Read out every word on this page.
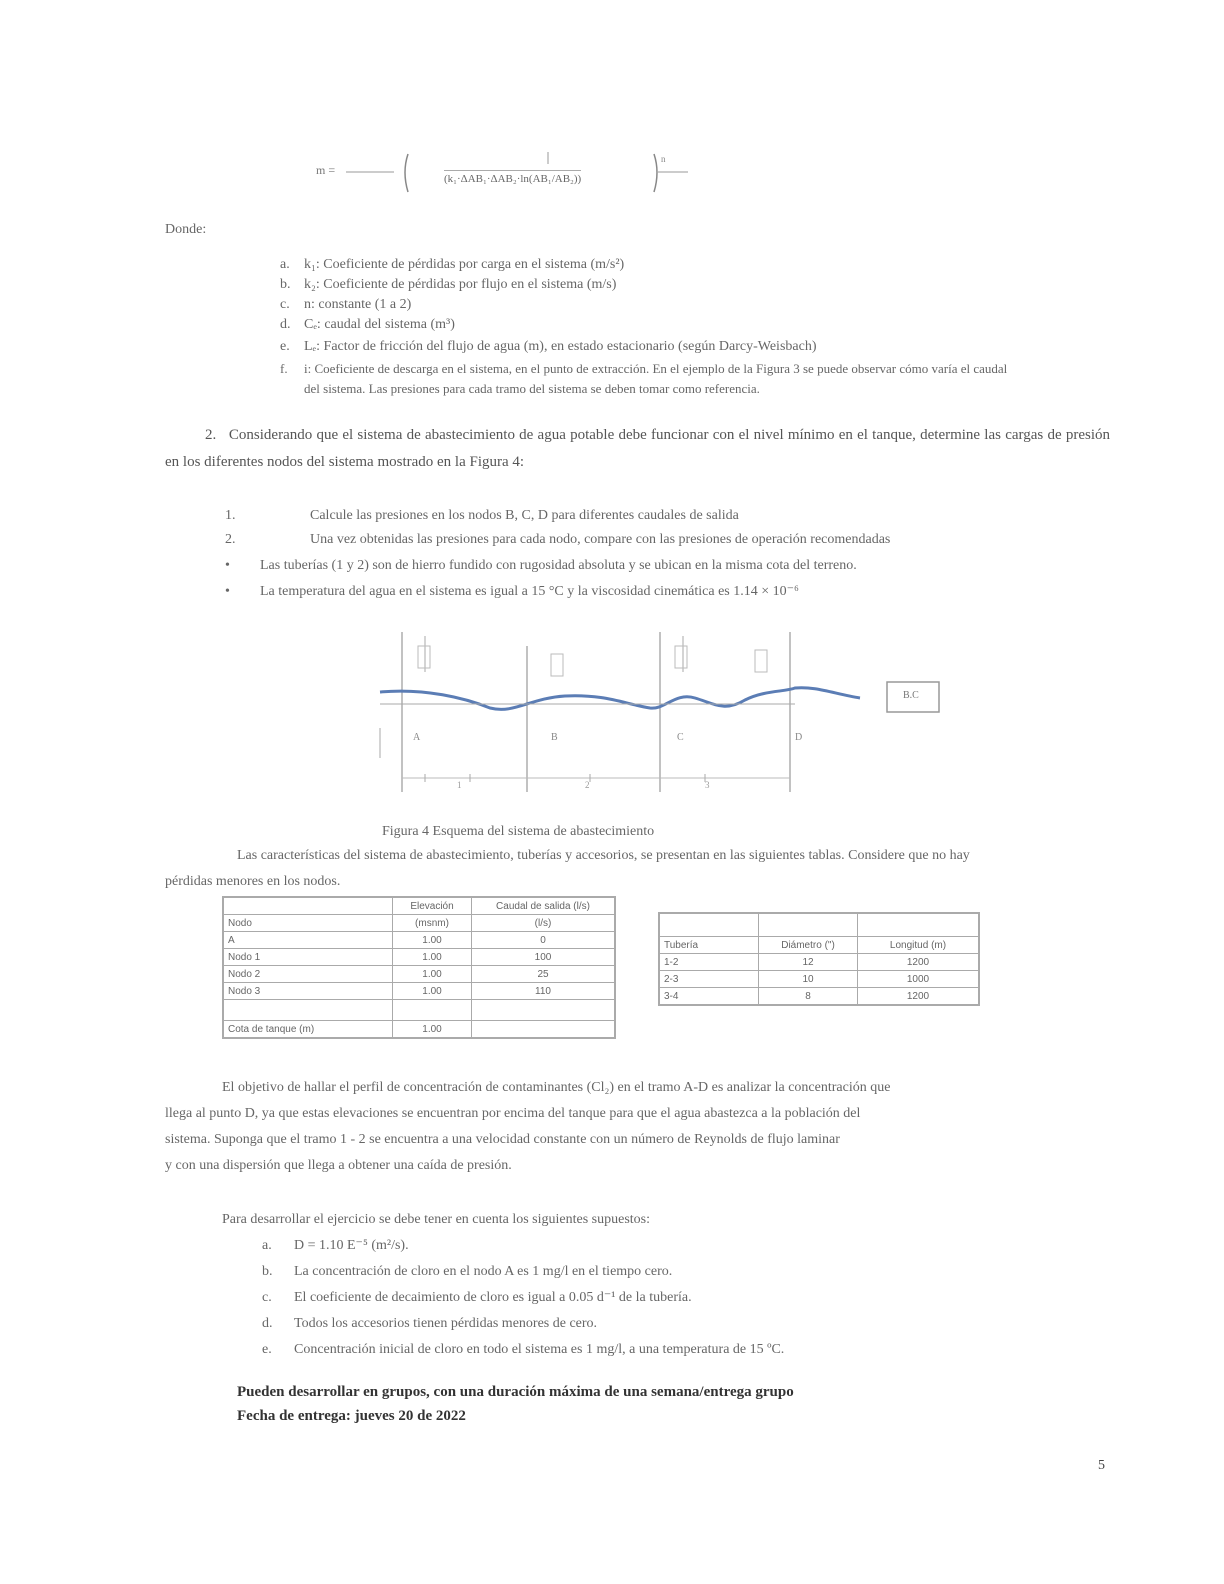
m =
(k₁·ΔAB₁·ΔAB₂·ln(AB₁/AB₂))
n
Donde:
a. k₁: Coeficiente de pérdidas por carga en el sistema (m/s²)
b. k₂: Coeficiente de pérdidas por flujo en el sistema (m/s)
c. n: constante (1 a 2)
d. Cₑ: caudal del sistema (m³)
e. Lₑ: Factor de fricción del flujo de agua (m), en estado estacionario (según Darcy-Weisbach)
f. i: Coeficiente de descarga en el sistema, en el punto de extracción. En el ejemplo de la Figura 3 se puede observar cómo varía el caudal
del sistema. Las presiones para cada tramo del sistema se deben tomar como referencia.
2. Considerando que el sistema de abastecimiento de agua potable debe funcionar con el nivel mínimo en el tanque, determine las cargas de presión en los diferentes nodos del sistema mostrado en la Figura 4:
1.	Calcule las presiones en los nodos B, C, D para diferentes caudales de salida
2.	Una vez obtenidas las presiones para cada nodo, compare con las presiones de operación recomendadas
• Las tuberías (1 y 2) son de hierro fundido con rugosidad absoluta y se ubican en la misma cota del terreno.
• La temperatura del agua en el sistema es igual a 15 °C y la viscosidad cinemática es 1.14 × 10⁻⁶
B.C
A	B	C	D
1	2	3
Figura 4 Esquema del sistema de abastecimiento
Las características del sistema de abastecimiento, tuberías y accesorios, se presentan en las siguientes tablas. Considere que no hay
pérdidas menores en los nodos.
	Elevación	Caudal de salida (l/s)
Nodo	(msnm)	(l/s)
A	1.00	0
Nodo 1	1.00	100
Nodo 2	1.00	25
Nodo 3	1.00	110

Cota de tanque (m)	1.00	

Tubería	Diámetro (")	Longitud (m)
1-2	12	1200
2-3	10	1000
3-4	8	1200
El objetivo de hallar el perfil de concentración de contaminantes (Cl₂) en el tramo A-D es analizar la concentración que
llega al punto D, ya que estas elevaciones se encuentran por encima del tanque para que el agua abastezca a la población del
sistema. Suponga que el tramo 1 - 2 se encuentra a una velocidad constante con un número de Reynolds de flujo laminar
y con una dispersión que llega a obtener una caída de presión.
Para desarrollar el ejercicio se debe tener en cuenta los siguientes supuestos:
a. D = 1.10 E⁻⁵ (m²/s).
b. La concentración de cloro en el nodo A es 1 mg/l en el tiempo cero.
c. El coeficiente de decaimiento de cloro es igual a 0.05 d⁻¹ de la tubería.
d. Todos los accesorios tienen pérdidas menores de cero.
e. Concentración inicial de cloro en todo el sistema es 1 mg/l, a una temperatura de 15 ºC.
Pueden desarrollar en grupos, con una duración máxima de una semana/entrega grupo
Fecha de entrega: jueves 20 de 2022
5
